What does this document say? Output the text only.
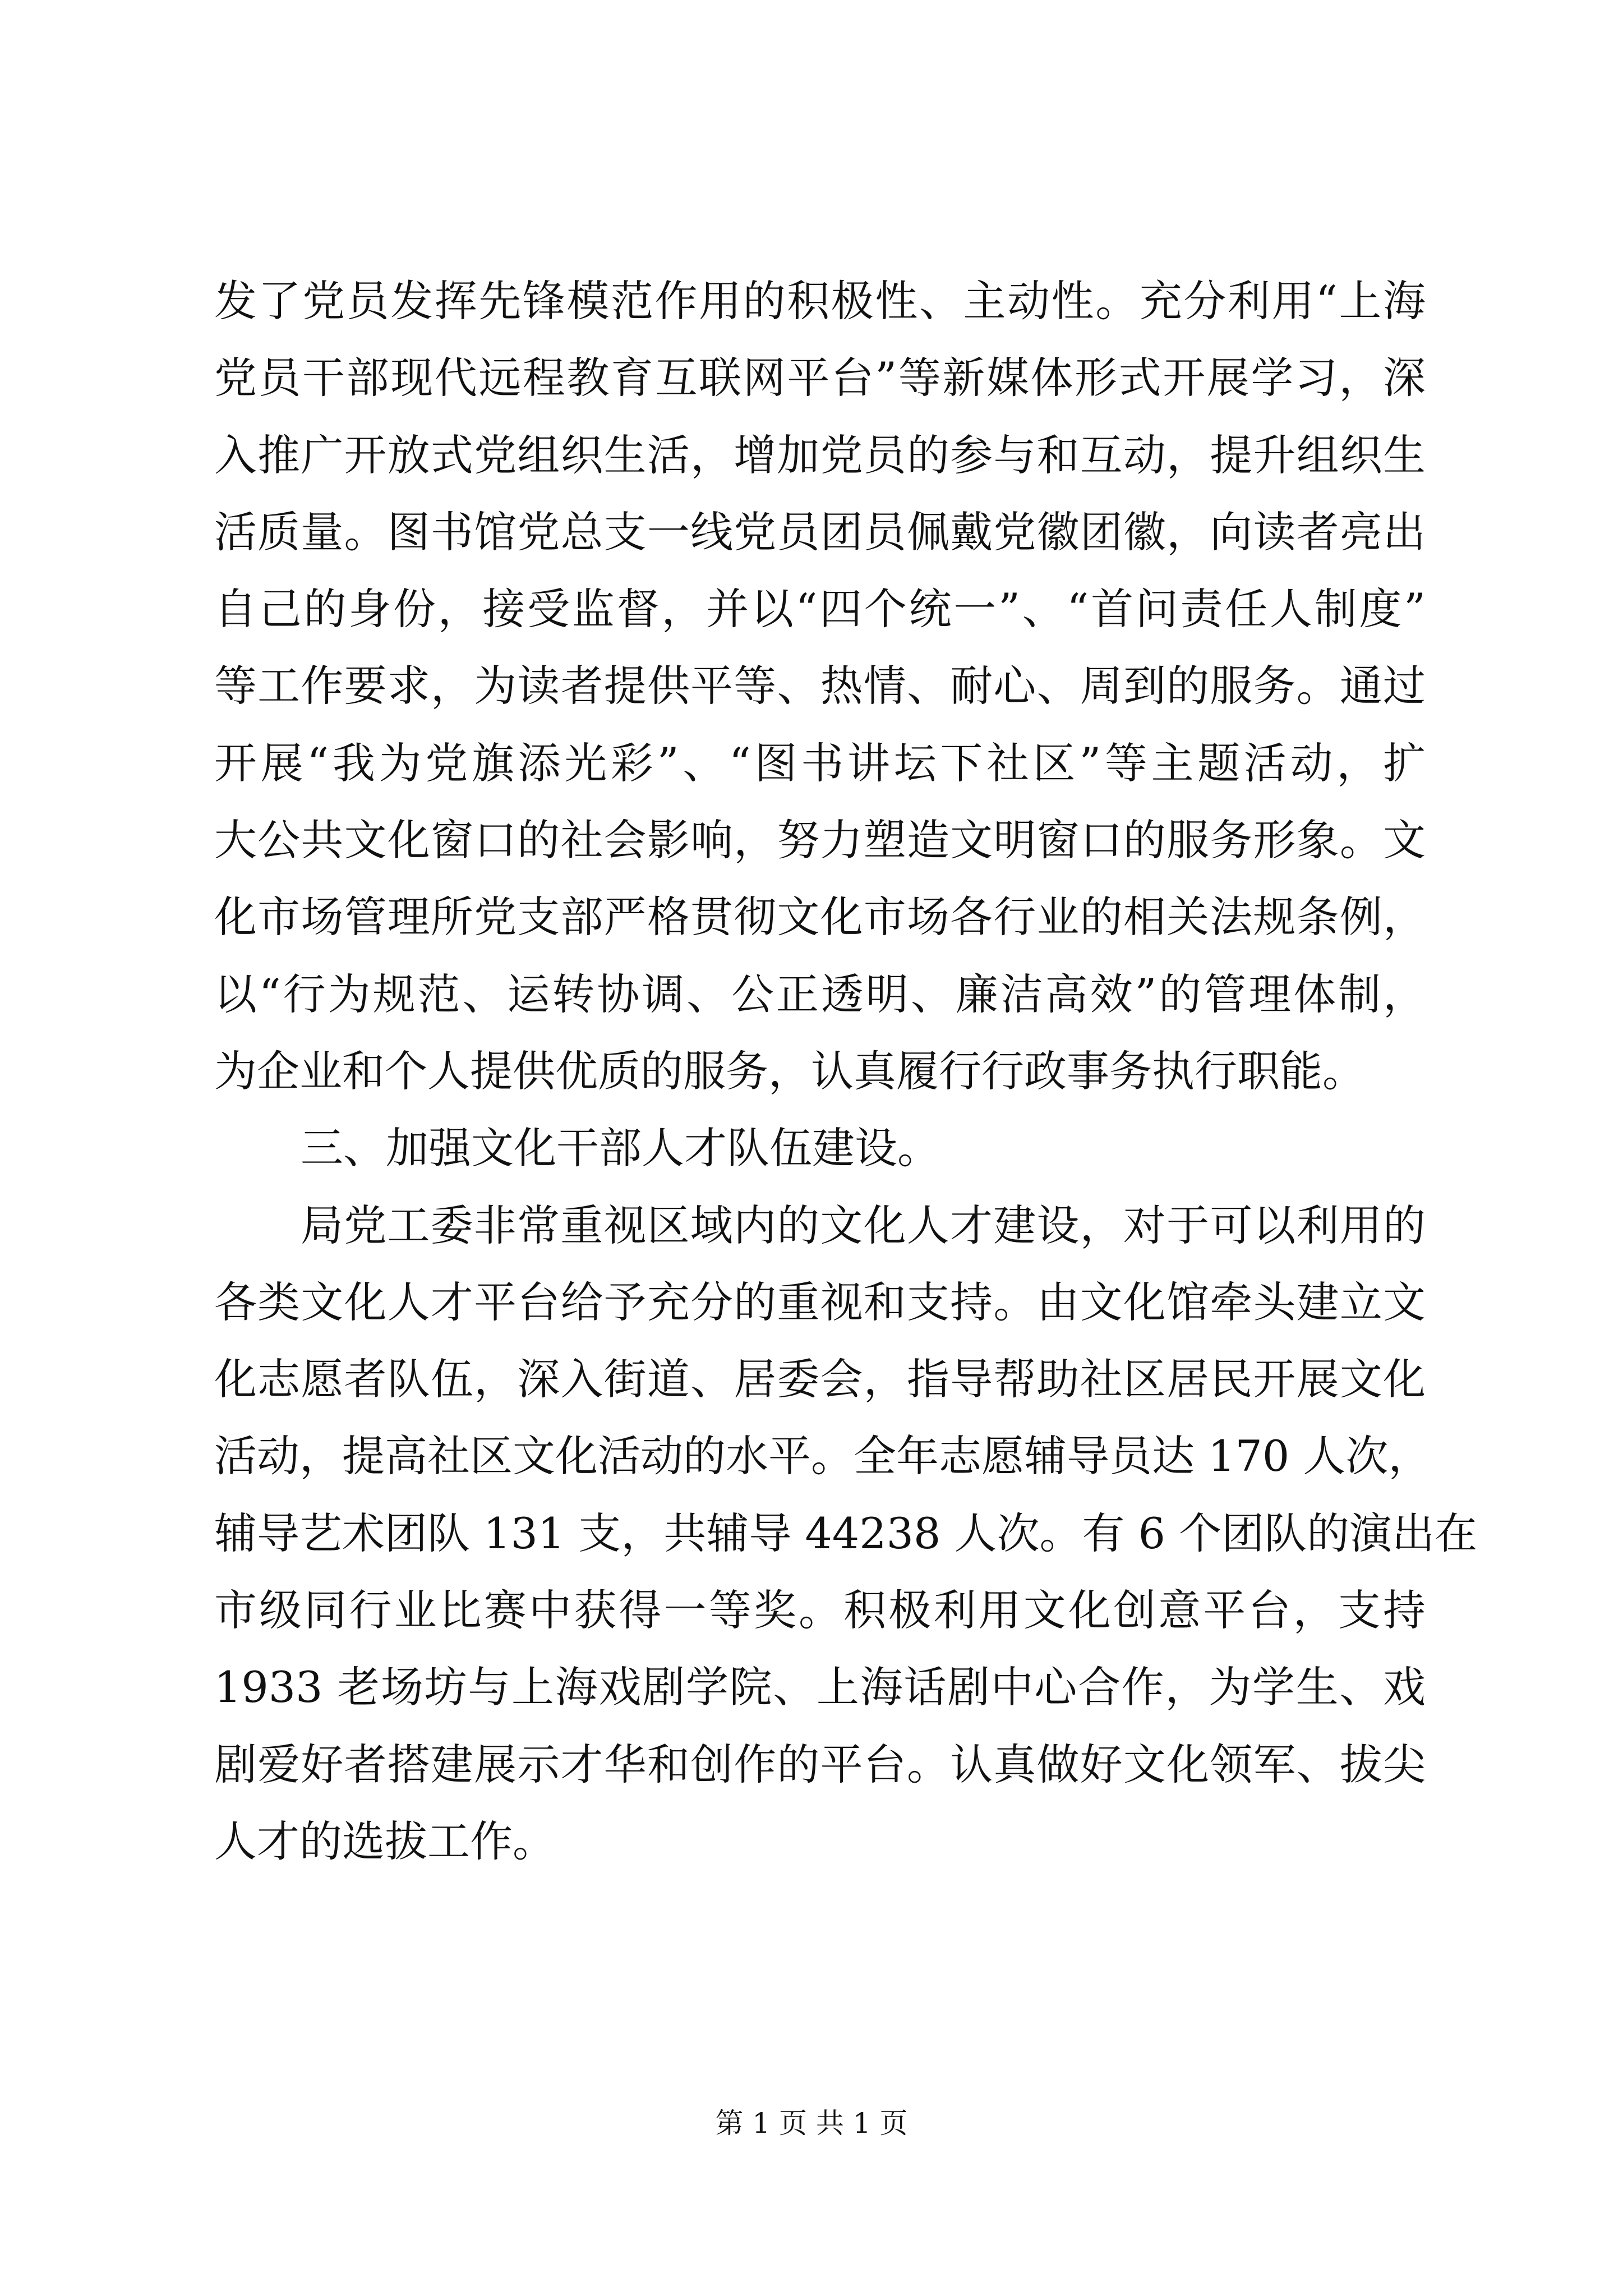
发了党员发挥先锋模范作用的积极性、主动性。充分利用“上海
党员干部现代远程教育互联网平台”等新媒体形式开展学习，深
入推广开放式党组织生活，增加党员的参与和互动，提升组织生
活质量。图书馆党总支一线党员团员佩戴党徽团徽，向读者亮出
自己的身份，接受监督，并以“四个统一”、“首问责任人制度”
等工作要求，为读者提供平等、热情、耐心、周到的服务。通过
开展“我为党旗添光彩”、“图书讲坛下社区”等主题活动，扩
大公共文化窗口的社会影响，努力塑造文明窗口的服务形象。文
化市场管理所党支部严格贯彻文化市场各行业的相关法规条例，
以“行为规范、运转协调、公正透明、廉洁高效”的管理体制，
为企业和个人提供优质的服务，认真履行行政事务执行职能。
三、加强文化干部人才队伍建设。
局党工委非常重视区域内的文化人才建设，对于可以利用的
各类文化人才平台给予充分的重视和支持。由文化馆牵头建立文
化志愿者队伍，深入街道、居委会，指导帮助社区居民开展文化
活动，提高社区文化活动的水平。全年志愿辅导员达 170 人次，
辅导艺术团队 131 支，共辅导 44238 人次。有 6 个团队的演出在
市级同行业比赛中获得一等奖。积极利用文化创意平台，支持
1933 老场坊与上海戏剧学院、上海话剧中心合作，为学生、戏
剧爱好者搭建展示才华和创作的平台。认真做好文化领军、拔尖
人才的选拔工作。
第 1 页 共 1 页
